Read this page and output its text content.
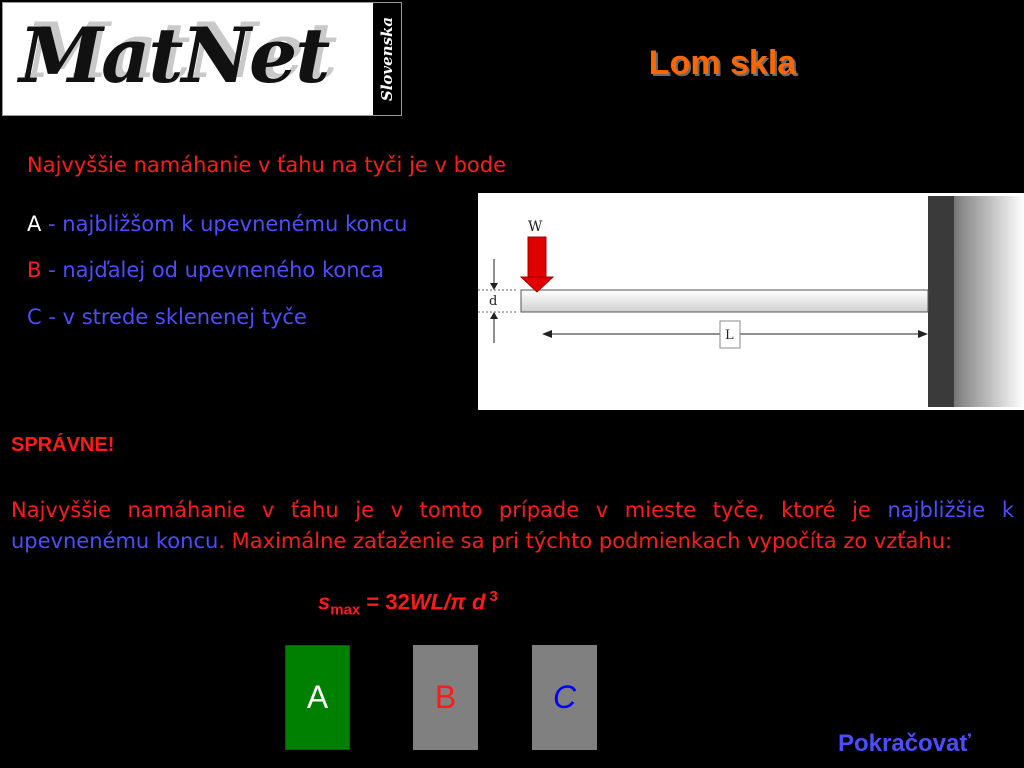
MatNet	Slovenska	Lom skla
Najvyššie namáhanie v ťahu na tyči je v bode
A - najbližšom k upevnenému koncu
B - najďalej od upevneného konca
C - v strede sklenenej tyče
W
d
L
SPRÁVNE!
Najvyššie namáhanie v ťahu je v tomto prípade v mieste tyče, ktoré je najbližšie k upevnenému koncu. Maximálne zaťaženie sa pri týchto podmienkach vypočíta zo vzťahu:
$s_{max} = 32WL/\pi$ d $^3$
A	B	C
Pokračovať
